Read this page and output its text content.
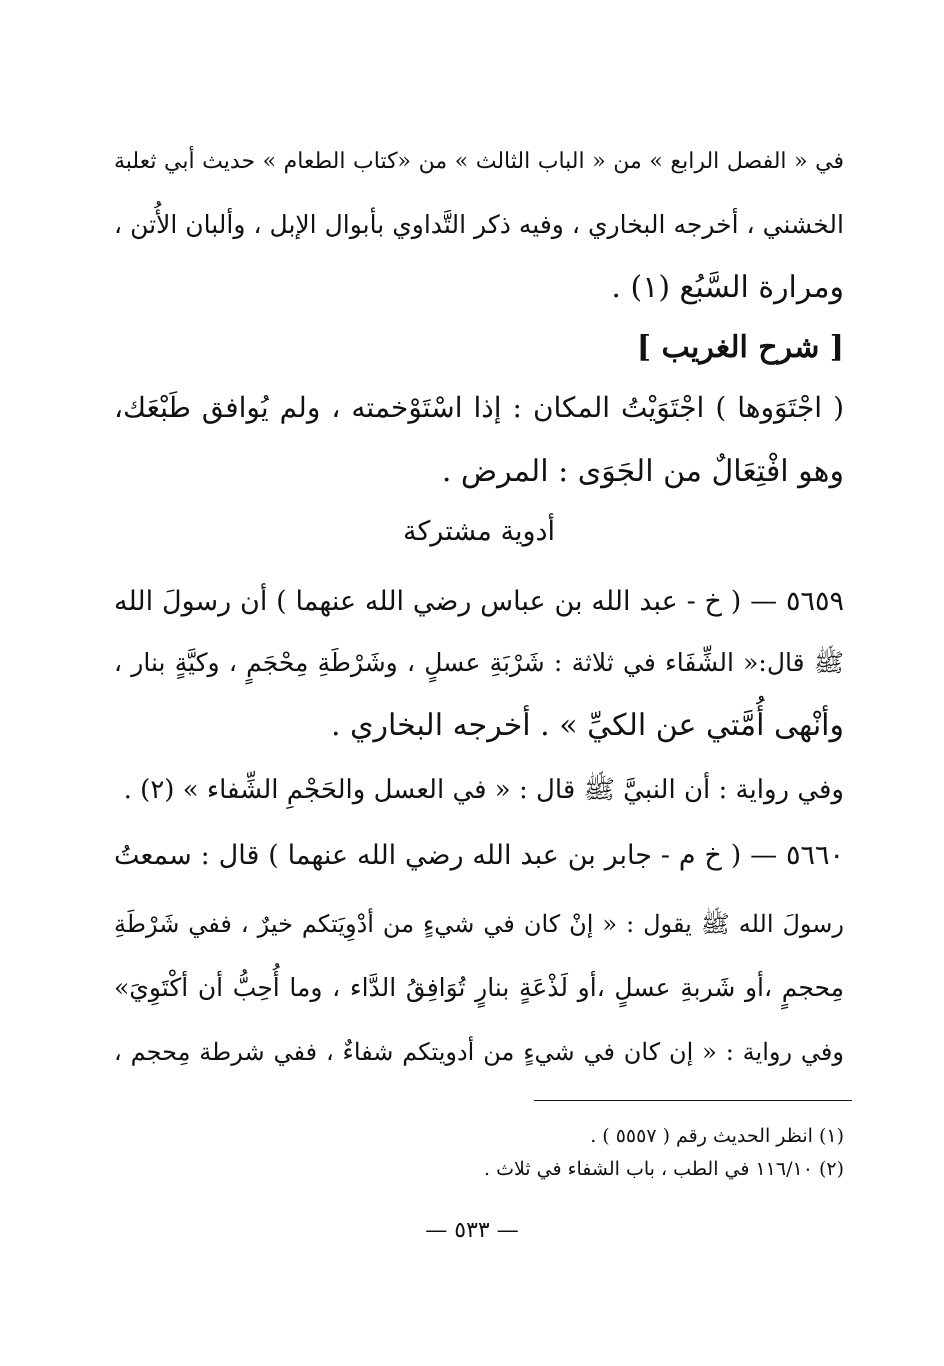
في « الفصل الرابع » من « الباب الثالث » من «كتاب الطعام » حديث أبي ثعلبة
الخشني ، أخرجه البخاري ، وفيه ذكر التَّداوي بأبوال الإبل ، وألبان الأُتن ،
ومرارة السَّبُع (١) .
[ شرح الغريب ]
( اجْتَوَوها ) اجْتَوَيْتُ المكان : إذا اسْتَوْخمته ، ولم يُوافق طَبْعَك،
وهو افْتِعَالٌ من الجَوَى : المرض .
أدوية مشتركة
٥٦٥٩ — ( خ - عبد الله بن عباس رضي الله عنهما ) أن رسولَ الله
ﷺ قال:« الشِّفَاء في ثلاثة : شَرْبَةِ عسلٍ ، وشَرْطَةِ مِحْجَمٍ ، وكيَّةٍ بنار ،
وأنْهى أُمَّتي عن الكيِّ » . أخرجه البخاري .
وفي رواية : أن النبيَّ ﷺ قال : « في العسل والحَجْمِ الشِّفاء » (٢) .
٥٦٦٠ — ( خ م - جابر بن عبد الله رضي الله عنهما ) قال : سمعتُ
رسولَ الله ﷺ يقول : « إنْ كان في شيءٍ من أدْوِيَتكم خيرٌ ، ففي شَرْطَةِ
مِحجمٍ ،أو شَربةِ عسلٍ ،أو لَذْعَةٍ بنارٍ تُوَافِقُ الدَّاء ، وما أُحِبُّ أن أكْتَوِيَ»
وفي رواية : « إن كان في شيءٍ من أدويتكم شفاءٌ ، ففي شرطة مِحجم ،
(١) انظر الحديث رقم ( ٥٥٥٧ ) .
(٢) ١١٦/١٠ في الطب ، باب الشفاء في ثلاث .
— ٥٣٣ —
